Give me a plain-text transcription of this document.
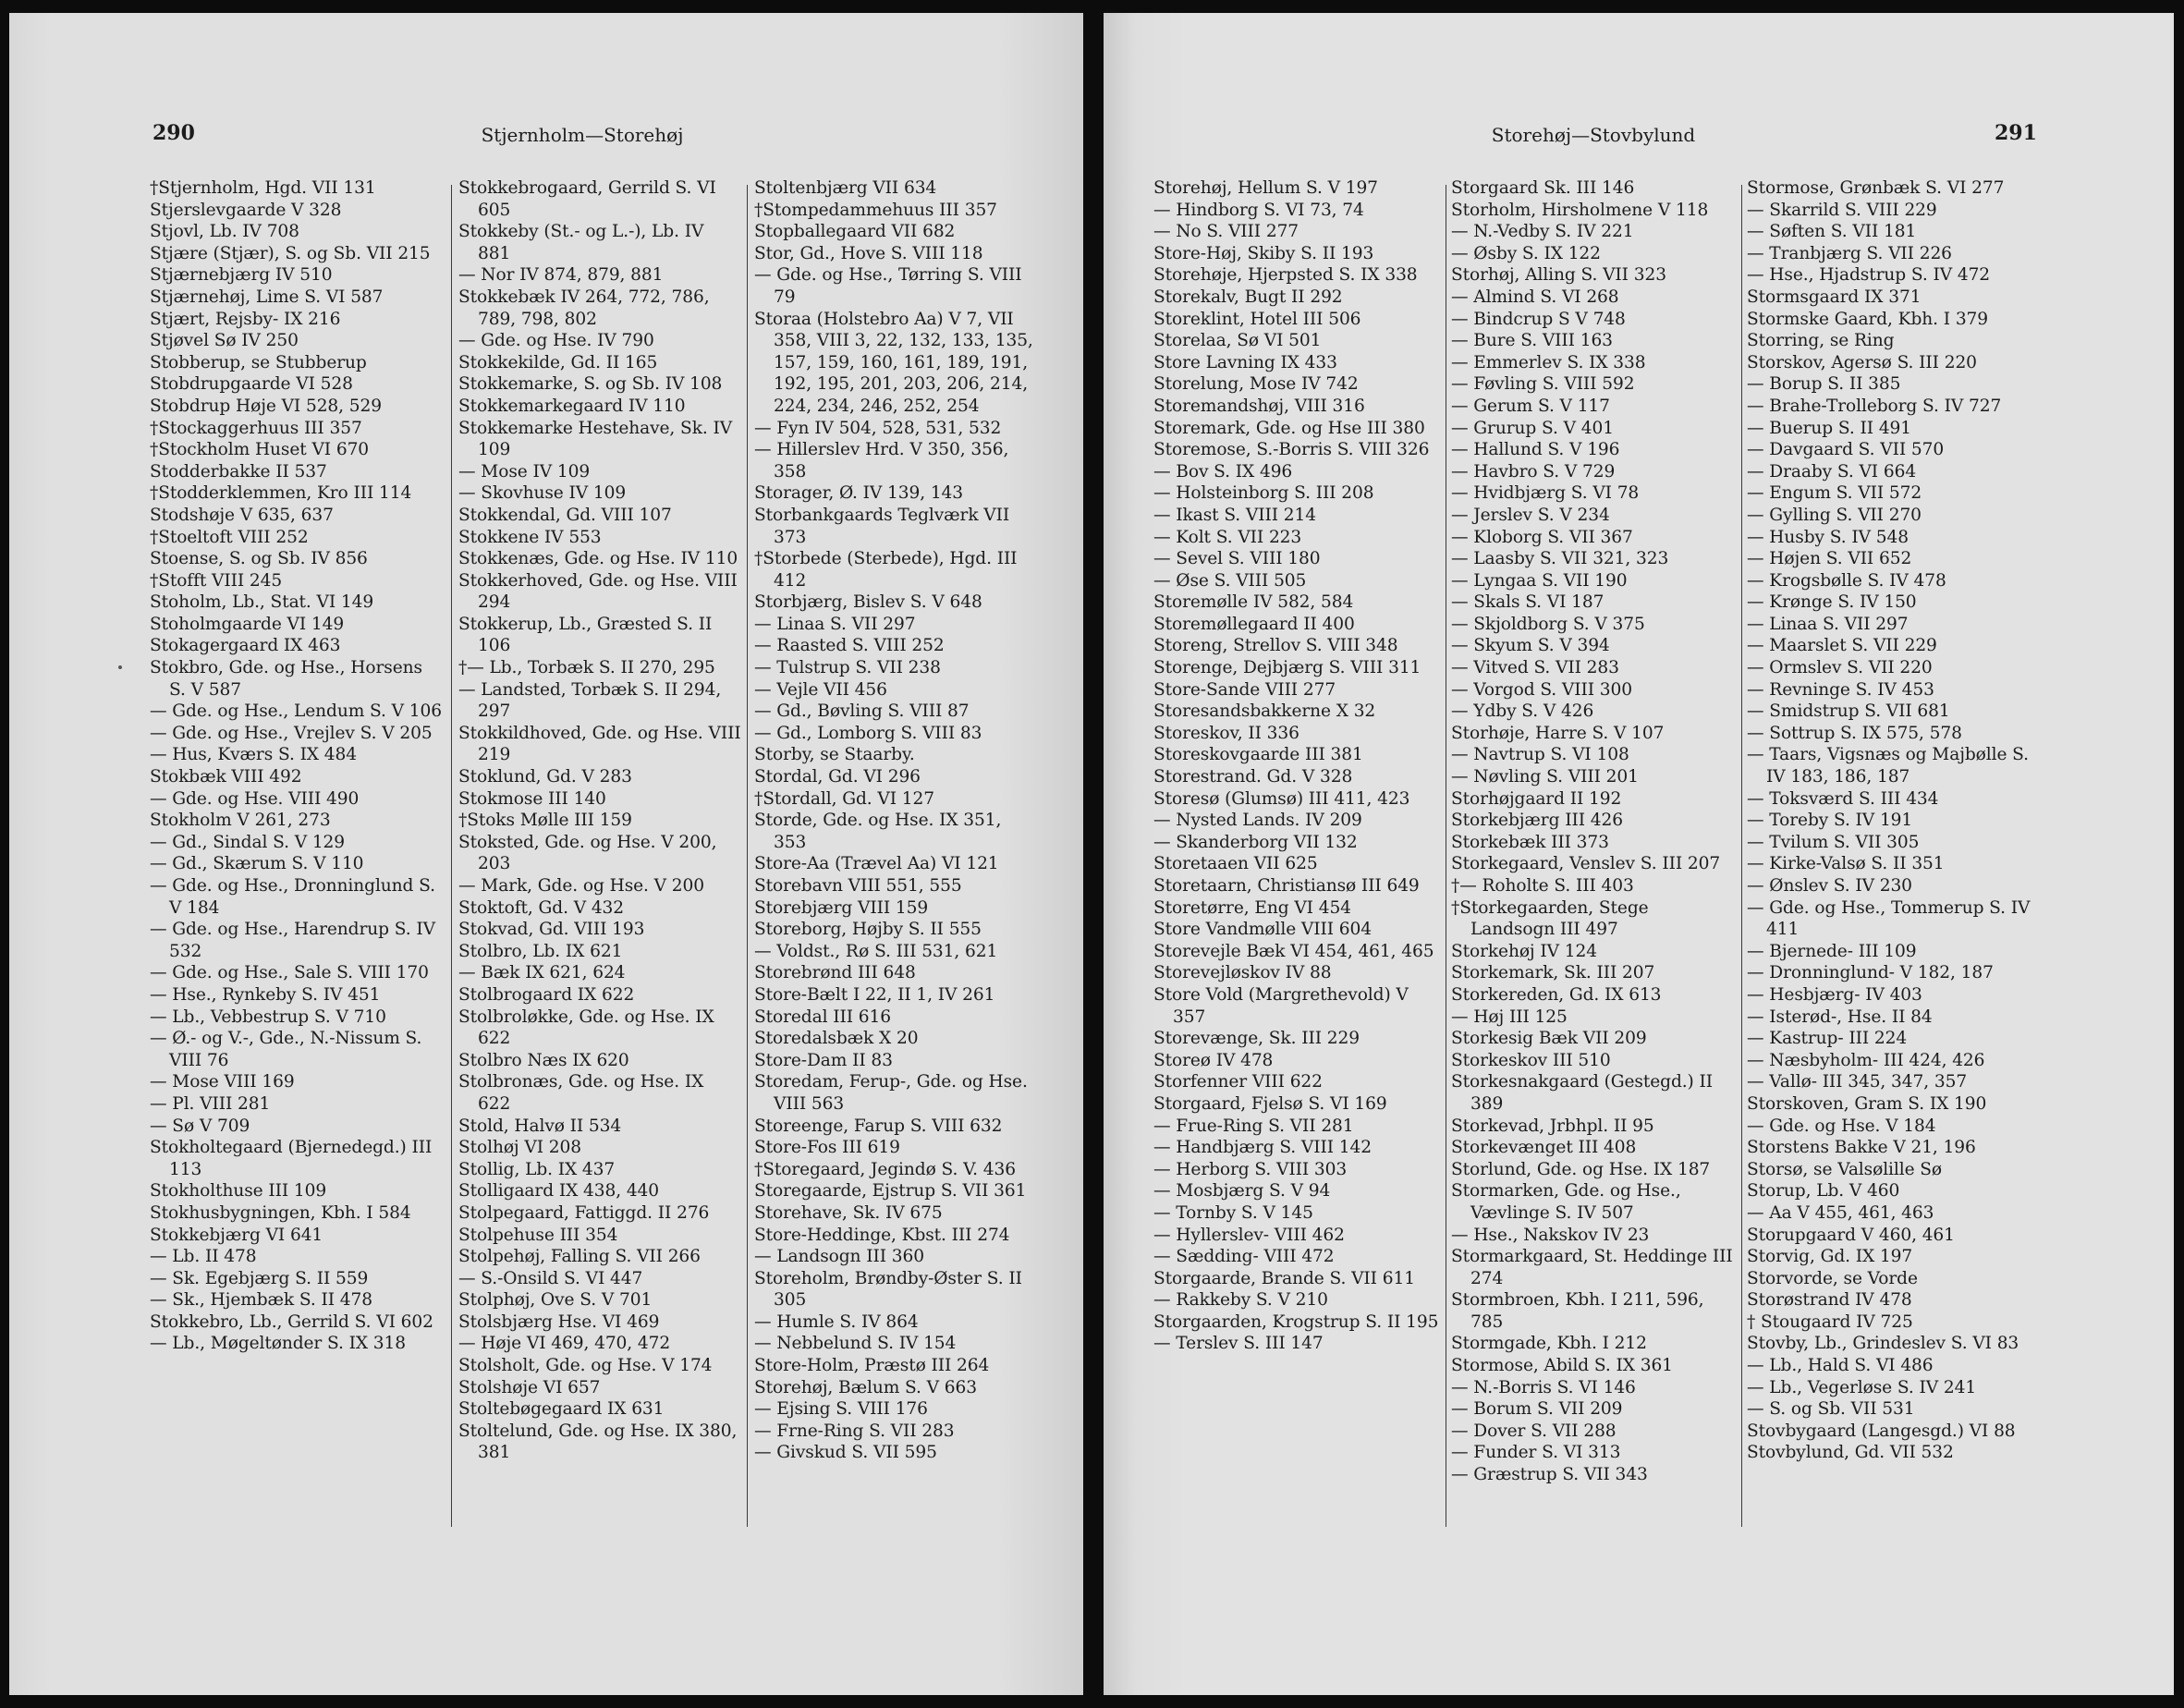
290	Stjernholm—Storehøj
†Stjernholm, Hgd. VII 131
Stjerslevgaarde V 328
Stjovl, Lb. IV 708
Stjære (Stjær), S. og Sb. VII 215
Stjærnebjærg IV 510
Stjærnehøj, Lime S. VI 587
Stjært, Rejsby- IX 216
Stjøvel Sø IV 250
Stobberup, se Stubberup
Stobdrupgaarde VI 528
Stobdrup Høje VI 528, 529
†Stockaggerhuus III 357
†Stockholm Huset VI 670
Stodderbakke II 537
†Stodderklemmen, Kro III 114
Stodshøje V 635, 637
†Stoeltoft VIII 252
Stoense, S. og Sb. IV 856
†Stofft VIII 245
Stoholm, Lb., Stat. VI 149
Stoholmgaarde VI 149
Stokagergaard IX 463
Stokbro, Gde. og Hse., Horsens S. V 587
— Gde. og Hse., Lendum S. V 106
— Gde. og Hse., Vrejlev S. V 205
— Hus, Kværs S. IX 484
Stokbæk VIII 492
— Gde. og Hse. VIII 490
Stokholm V 261, 273
— Gd., Sindal S. V 129
— Gd., Skærum S. V 110
— Gde. og Hse., Dronninglund S. V 184
— Gde. og Hse., Harendrup S. IV 532
— Gde. og Hse., Sale S. VIII 170
— Hse., Rynkeby S. IV 451
— Lb., Vebbestrup S. V 710
— Ø.- og V.-, Gde., N.-Nissum S. VIII 76
— Mose VIII 169
— Pl. VIII 281
— Sø V 709
Stokholtegaard (Bjernedegd.) III 113
Stokholthuse III 109
Stokhusbygningen, Kbh. I 584
Stokkebjærg VI 641
— Lb. II 478
— Sk. Egebjærg S. II 559
— Sk., Hjembæk S. II 478
Stokkebro, Lb., Gerrild S. VI 602
— Lb., Møgeltønder S. IX 318
Stokkebrogaard, Gerrild S. VI 605
Stokkeby (St.- og L.-), Lb. IV 881
— Nor IV 874, 879, 881
Stokkebæk IV 264, 772, 786, 789, 798, 802
— Gde. og Hse. IV 790
Stokkekilde, Gd. II 165
Stokkemarke, S. og Sb. IV 108
Stokkemarkegaard IV 110
Stokkemarke Hestehave, Sk. IV 109
— Mose IV 109
— Skovhuse IV 109
Stokkendal, Gd. VIII 107
Stokkene IV 553
Stokkenæs, Gde. og Hse. IV 110
Stokkerhoved, Gde. og Hse. VIII 294
Stokkerup, Lb., Græsted S. II 106
†— Lb., Torbæk S. II 270, 295
— Landsted, Torbæk S. II 294, 297
Stokkildhoved, Gde. og Hse. VIII 219
Stoklund, Gd. V 283
Stokmose III 140
†Stoks Mølle III 159
Stoksted, Gde. og Hse. V 200, 203
— Mark, Gde. og Hse. V 200
Stoktoft, Gd. V 432
Stokvad, Gd. VIII 193
Stolbro, Lb. IX 621
— Bæk IX 621, 624
Stolbrogaard IX 622
Stolbroløkke, Gde. og Hse. IX 622
Stolbro Næs IX 620
Stolbronæs, Gde. og Hse. IX 622
Stold, Halvø II 534
Stolhøj VI 208
Stollig, Lb. IX 437
Stolligaard IX 438, 440
Stolpegaard, Fattiggd. II 276
Stolpehuse III 354
Stolpehøj, Falling S. VII 266
— S.-Onsild S. VI 447
Stolphøj, Ove S. V 701
Stolsbjærg Hse. VI 469
— Høje VI 469, 470, 472
Stolsholt, Gde. og Hse. V 174
Stolshøje VI 657
Stoltebøgegaard IX 631
Stoltelund, Gde. og Hse. IX 380, 381
Stoltenbjærg VII 634
†Stompedammehuus III 357
Stopballegaard VII 682
Stor, Gd., Hove S. VIII 118
— Gde. og Hse., Tørring S. VIII 79
Storaa (Holstebro Aa) V 7, VII 358, VIII 3, 22, 132, 133, 135, 157, 159, 160, 161, 189, 191, 192, 195, 201, 203, 206, 214, 224, 234, 246, 252, 254
— Fyn IV 504, 528, 531, 532
— Hillerslev Hrd. V 350, 356, 358
Storager, Ø. IV 139, 143
Storbankgaards Teglværk VII 373
†Storbede (Sterbede), Hgd. III 412
Storbjærg, Bislev S. V 648
— Linaa S. VII 297
— Raasted S. VIII 252
— Tulstrup S. VII 238
— Vejle VII 456
— Gd., Bøvling S. VIII 87
— Gd., Lomborg S. VIII 83
Storby, se Staarby.
Stordal, Gd. VI 296
†Stordall, Gd. VI 127
Storde, Gde. og Hse. IX 351, 353
Store-Aa (Trævel Aa) VI 121
Storebavn VIII 551, 555
Storebjærg VIII 159
Storeborg, Højby S. II 555
— Voldst., Rø S. III 531, 621
Storebrønd III 648
Store-Bælt I 22, II 1, IV 261
Storedal III 616
Storedalsbæk X 20
Store-Dam II 83
Storedam, Ferup-, Gde. og Hse. VIII 563
Storeenge, Farup S. VIII 632
Store-Fos III 619
†Storegaard, Jegindø S. V. 436
Storegaarde, Ejstrup S. VII 361
Storehave, Sk. IV 675
Store-Heddinge, Kbst. III 274
— Landsogn III 360
Storeholm, Brøndby-Øster S. II 305
— Humle S. IV 864
— Nebbelund S. IV 154
Store-Holm, Præstø III 264
Storehøj, Bælum S. V 663
— Ejsing S. VIII 176
— Frne-Ring S. VII 283
— Givskud S. VII 595
Storehøj—Stovbylund	291
Storehøj, Hellum S. V 197
— Hindborg S. VI 73, 74
— No S. VIII 277
Store-Høj, Skiby S. II 193
Storehøje, Hjerpsted S. IX 338
Storekalv, Bugt II 292
Storeklint, Hotel III 506
Storelaa, Sø VI 501
Store Lavning IX 433
Storelung, Mose IV 742
Storemandshøj, VIII 316
Storemark, Gde. og Hse III 380
Storemose, S.-Borris S. VIII 326
— Bov S. IX 496
— Holsteinborg S. III 208
— Ikast S. VIII 214
— Kolt S. VII 223
— Sevel S. VIII 180
— Øse S. VIII 505
Storemølle IV 582, 584
Storemøllegaard II 400
Storeng, Strellov S. VIII 348
Storenge, Dejbjærg S. VIII 311
Store-Sande VIII 277
Storesandsbakkerne X 32
Storeskov, II 336
Storeskovgaarde III 381
Storestrand. Gd. V 328
Storesø (Glumsø) III 411, 423
— Nysted Lands. IV 209
— Skanderborg VII 132
Storetaaen VII 625
Storetaarn, Christiansø III 649
Storetørre, Eng VI 454
Store Vandmølle VIII 604
Storevejle Bæk VI 454, 461, 465
Storevejløskov IV 88
Store Vold (Margrethevold) V 357
Storevænge, Sk. III 229
Storeø IV 478
Storfenner VIII 622
Storgaard, Fjelsø S. VI 169
— Frue-Ring S. VII 281
— Handbjærg S. VIII 142
— Herborg S. VIII 303
— Mosbjærg S. V 94
— Tornby S. V 145
— Hyllerslev- VIII 462
— Sædding- VIII 472
Storgaarde, Brande S. VII 611
— Rakkeby S. V 210
Storgaarden, Krogstrup S. II 195
— Terslev S. III 147
Storgaard Sk. III 146
Storholm, Hirsholmene V 118
— N.-Vedby S. IV 221
— Øsby S. IX 122
Storhøj, Alling S. VII 323
— Almind S. VI 268
— Bindcrup S V 748
— Bure S. VIII 163
— Emmerlev S. IX 338
— Føvling S. VIII 592
— Gerum S. V 117
— Grurup S. V 401
— Hallund S. V 196
— Havbro S. V 729
— Hvidbjærg S. VI 78
— Jerslev S. V 234
— Kloborg S. VII 367
— Laasby S. VII 321, 323
— Lyngaa S. VII 190
— Skals S. VI 187
— Skjoldborg S. V 375
— Skyum S. V 394
— Vitved S. VII 283
— Vorgod S. VIII 300
— Ydby S. V 426
Storhøje, Harre S. V 107
— Navtrup S. VI 108
— Nøvling S. VIII 201
Storhøjgaard II 192
Storkebjærg III 426
Storkebæk III 373
Storkegaard, Venslev S. III 207
†— Roholte S. III 403
†Storkegaarden, Stege Landsogn III 497
Storkehøj IV 124
Storkemark, Sk. III 207
Storkereden, Gd. IX 613
— Høj III 125
Storkesig Bæk VII 209
Storkeskov III 510
Storkesnakgaard (Gestegd.) II 389
Storkevad, Jrbhpl. II 95
Storkevænget III 408
Storlund, Gde. og Hse. IX 187
Stormarken, Gde. og Hse., Vævlinge S. IV 507
— Hse., Nakskov IV 23
Stormarkgaard, St. Heddinge III 274
Stormbroen, Kbh. I 211, 596, 785
Stormgade, Kbh. I 212
Stormose, Abild S. IX 361
— N.-Borris S. VI 146
— Borum S. VII 209
— Dover S. VII 288
— Funder S. VI 313
— Græstrup S. VII 343
Stormose, Grønbæk S. VI 277
— Skarrild S. VIII 229
— Søften S. VII 181
— Tranbjærg S. VII 226
— Hse., Hjadstrup S. IV 472
Stormsgaard IX 371
Stormske Gaard, Kbh. I 379
Storring, se Ring
Storskov, Agersø S. III 220
— Borup S. II 385
— Brahe-Trolleborg S. IV 727
— Buerup S. II 491
— Davgaard S. VII 570
— Draaby S. VI 664
— Engum S. VII 572
— Gylling S. VII 270
— Husby S. IV 548
— Højen S. VII 652
— Krogsbølle S. IV 478
— Krønge S. IV 150
— Linaa S. VII 297
— Maarslet S. VII 229
— Ormslev S. VII 220
— Revninge S. IV 453
— Smidstrup S. VII 681
— Sottrup S. IX 575, 578
— Taars, Vigsnæs og Majbølle S. IV 183, 186, 187
— Toksværd S. III 434
— Toreby S. IV 191
— Tvilum S. VII 305
— Kirke-Valsø S. II 351
— Ønslev S. IV 230
— Gde. og Hse., Tommerup S. IV 411
— Bjernede- III 109
— Dronninglund- V 182, 187
— Hesbjærg- IV 403
— Isterød-, Hse. II 84
— Kastrup- III 224
— Næsbyholm- III 424, 426
— Vallø- III 345, 347, 357
Storskoven, Gram S. IX 190
— Gde. og Hse. V 184
Storstens Bakke V 21, 196
Storsø, se Valsølille Sø
Storup, Lb. V 460
— Aa V 455, 461, 463
Storupgaard V 460, 461
Storvig, Gd. IX 197
Storvorde, se Vorde
Storøstrand IV 478
† Stougaard IV 725
Stovby, Lb., Grindeslev S. VI 83
— Lb., Hald S. VI 486
— Lb., Vegerløse S. IV 241
— S. og Sb. VII 531
Stovbygaard (Langesgd.) VI 88
Stovbylund, Gd. VII 532
